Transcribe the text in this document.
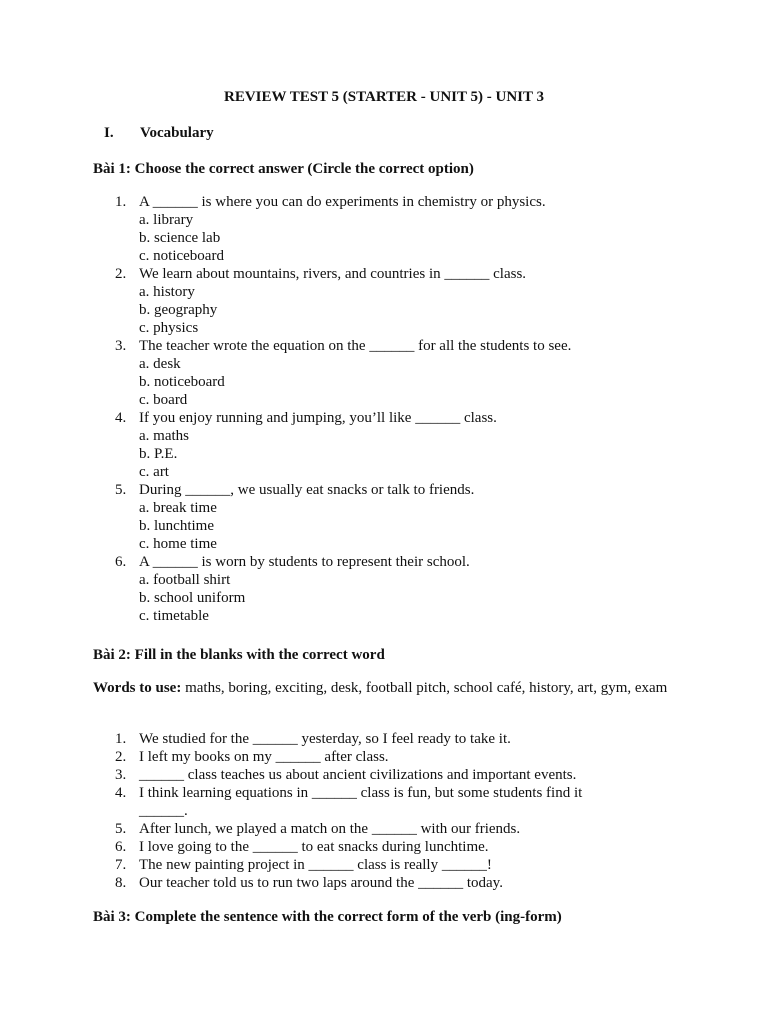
REVIEW TEST 5 (STARTER - UNIT 5) - UNIT 3
I. Vocabulary
Bài 1: Choose the correct answer (Circle the correct option)
1. A ______ is where you can do experiments in chemistry or physics.
a. library
b. science lab
c. noticeboard
2. We learn about mountains, rivers, and countries in ______ class.
a. history
b. geography
c. physics
3. The teacher wrote the equation on the ______ for all the students to see.
a. desk
b. noticeboard
c. board
4. If you enjoy running and jumping, you’ll like ______ class.
a. maths
b. P.E.
c. art
5. During ______, we usually eat snacks or talk to friends.
a. break time
b. lunchtime
c. home time
6. A ______ is worn by students to represent their school.
a. football shirt
b. school uniform
c. timetable
Bài 2: Fill in the blanks with the correct word
Words to use: maths, boring, exciting, desk, football pitch, school café, history, art, gym, exam
1. We studied for the ______ yesterday, so I feel ready to take it.
2. I left my books on my ______ after class.
3. ______ class teaches us about ancient civilizations and important events.
4. I think learning equations in ______ class is fun, but some students find it
______.
5. After lunch, we played a match on the ______ with our friends.
6. I love going to the ______ to eat snacks during lunchtime.
7. The new painting project in ______ class is really ______!
8. Our teacher told us to run two laps around the ______ today.
Bài 3: Complete the sentence with the correct form of the verb (ing-form)
